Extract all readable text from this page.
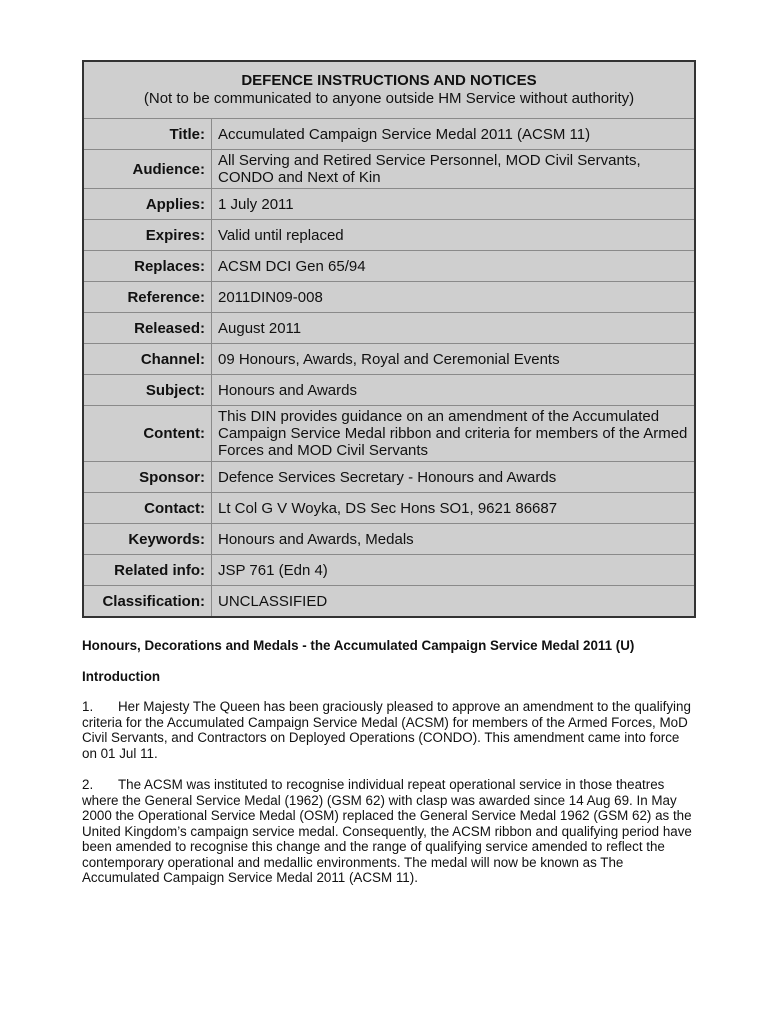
DEFENCE INSTRUCTIONS AND NOTICES
(Not to be communicated to anyone outside HM Service without authority)
Title: Accumulated Campaign Service Medal 2011 (ACSM 11)
Audience: All Serving and Retired Service Personnel, MOD Civil Servants, CONDO and Next of Kin
Applies: 1 July 2011
Expires: Valid until replaced
Replaces: ACSM DCI Gen 65/94
Reference: 2011DIN09-008
Released: August 2011
Channel: 09 Honours, Awards, Royal and Ceremonial Events
Subject: Honours and Awards
Content:
This DIN provides guidance on an amendment of the Accumulated Campaign Service Medal ribbon and criteria for members of the Armed Forces and MOD Civil Servants
Sponsor: Defence Services Secretary - Honours and Awards
Contact: Lt Col G V Woyka, DS Sec Hons SO1, 9621 86687
Keywords: Honours and Awards, Medals
Related info: JSP 761 (Edn 4)
Classification: UNCLASSIFIED

Honours, Decorations and Medals - the Accumulated Campaign Service Medal 2011 (U)

Introduction

1. Her Majesty The Queen has been graciously pleased to approve an amendment to the qualifying criteria for the Accumulated Campaign Service Medal (ACSM) for members of the Armed Forces, MoD Civil Servants, and Contractors on Deployed Operations (CONDO). This amendment came into force on 01 Jul 11.

2. The ACSM was instituted to recognise individual repeat operational service in those theatres where the General Service Medal (1962) (GSM 62) with clasp was awarded since 14 Aug 69. In May 2000 the Operational Service Medal (OSM) replaced the General Service Medal 1962 (GSM 62) as the United Kingdom’s campaign service medal. Consequently, the ACSM ribbon and qualifying period have been amended to recognise this change and the range of qualifying service amended to reflect the contemporary operational and medallic environments. The medal will now be known as The Accumulated Campaign Service Medal 2011 (ACSM 11).
